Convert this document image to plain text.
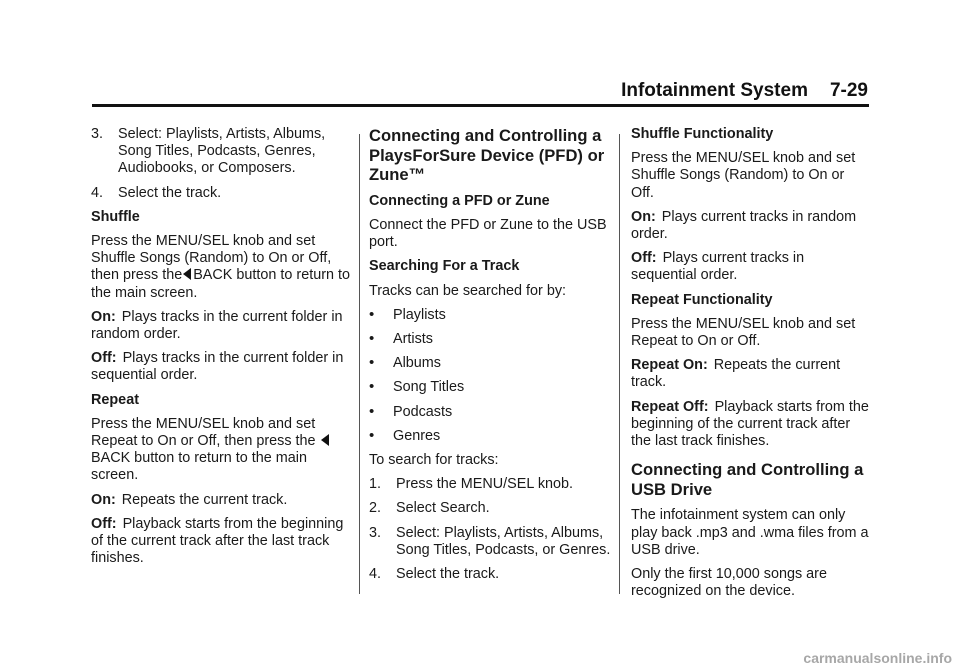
Infotainment System 7-29
3. Select: Playlists, Artists, Albums, Song Titles, Podcasts, Genres, Audiobooks, or Composers.
4. Select the track.
Shuffle
Press the MENU/SEL knob and set Shuffle Songs (Random) to On or Off, then press the BACK button to return to the main screen.
On: Plays tracks in the current folder in random order.
Off: Plays tracks in the current folder in sequential order.
Repeat
Press the MENU/SEL knob and set Repeat to On or Off, then press the BACK button to return to the main screen.
On: Repeats the current track.
Off: Playback starts from the beginning of the current track after the last track finishes.
Connecting and Controlling a PlaysForSure Device (PFD) or Zune™
Connecting a PFD or Zune
Connect the PFD or Zune to the USB port.
Searching For a Track
Tracks can be searched for by:
• Playlists
• Artists
• Albums
• Song Titles
• Podcasts
• Genres
To search for tracks:
1. Press the MENU/SEL knob.
2. Select Search.
3. Select: Playlists, Artists, Albums, Song Titles, Podcasts, or Genres.
4. Select the track.
Shuffle Functionality
Press the MENU/SEL knob and set Shuffle Songs (Random) to On or Off.
On: Plays current tracks in random order.
Off: Plays current tracks in sequential order.
Repeat Functionality
Press the MENU/SEL knob and set Repeat to On or Off.
Repeat On: Repeats the current track.
Repeat Off: Playback starts from the beginning of the current track after the last track finishes.
Connecting and Controlling a USB Drive
The infotainment system can only play back .mp3 and .wma files from a USB drive.
Only the first 10,000 songs are recognized on the device.
carmanualsonline.info
